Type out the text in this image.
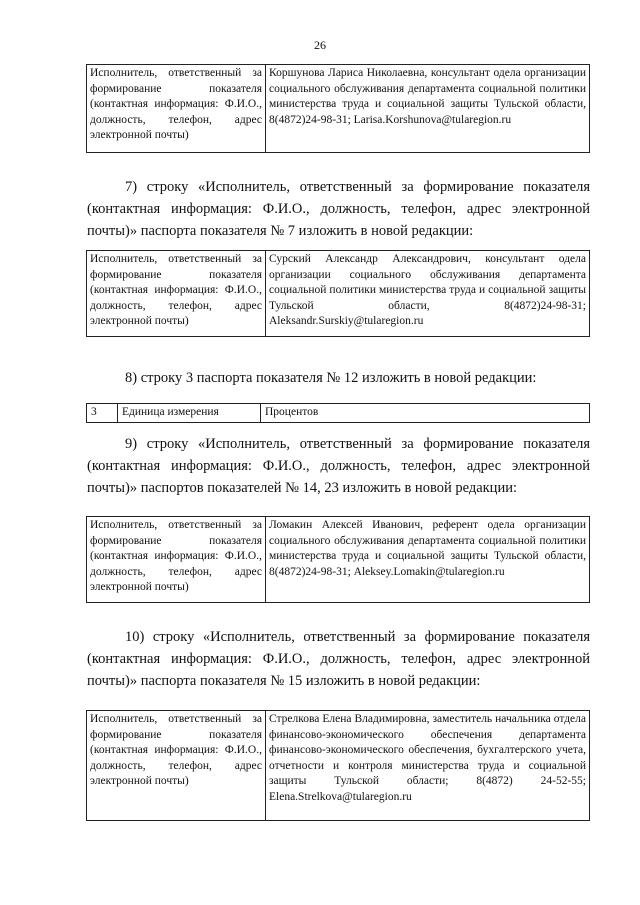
26
Исполнитель, ответственный за формирование показателя (контактная информация: Ф.И.О., должность, телефон, адрес электронной почты)	Коршунова Лариса Николаевна, консультант одела организации социального обслуживания департамента социальной политики министерства труда и социальной защиты Тульской области, 8(4872)24-98-31; Larisa.Korshunova@tularegion.ru

7) строку «Исполнитель, ответственный за формирование показателя (контактная информация: Ф.И.О., должность, телефон, адрес электронной почты)» паспорта показателя № 7 изложить в новой редакции:

Исполнитель, ответственный за формирование показателя (контактная информация: Ф.И.О., должность, телефон, адрес электронной почты)	Сурский Александр Александрович, консультант одела организации социального обслуживания департамента социальной политики министерства труда и социальной защиты Тульской области, 8(4872)24-98-31; Aleksandr.Surskiy@tularegion.ru

8) строку 3 паспорта показателя № 12 изложить в новой редакции:

3	Единица измерения	Процентов

9) строку «Исполнитель, ответственный за формирование показателя (контактная информация: Ф.И.О., должность, телефон, адрес электронной почты)» паспортов показателей № 14, 23 изложить в новой редакции:

Исполнитель, ответственный за формирование показателя (контактная информация: Ф.И.О., должность, телефон, адрес электронной почты)	Ломакин Алексей Иванович, референт одела организации социального обслуживания департамента социальной политики министерства труда и социальной защиты Тульской области, 8(4872)24-98-31; Aleksey.Lomakin@tularegion.ru

10) строку «Исполнитель, ответственный за формирование показателя (контактная информация: Ф.И.О., должность, телефон, адрес электронной почты)» паспорта показателя № 15 изложить в новой редакции:

Исполнитель, ответственный за формирование показателя (контактная информация: Ф.И.О., должность, телефон, адрес электронной почты)	Стрелкова Елена Владимировна, заместитель начальника отдела финансово-экономического обеспечения департамента финансово-экономического обеспечения, бухгалтерского учета, отчетности и контроля министерства труда и социальной защиты Тульской области; 8(4872) 24-52-55; Elena.Strelkova@tularegion.ru
